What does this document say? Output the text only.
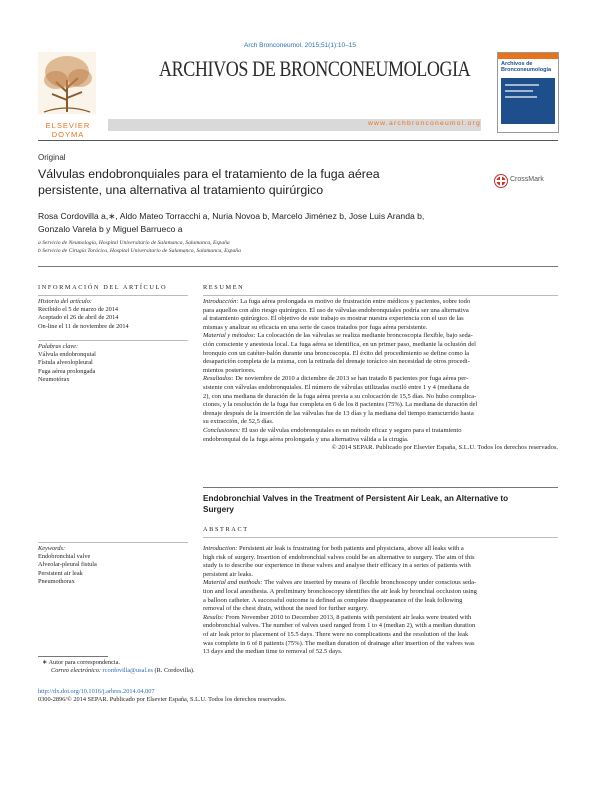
Arch Bronconeumol. 2015;51(1):10–15
ELSEVIER DOYMA
ARCHIVOS DE BRONCONEUMOLOGIA
www.archbronconeumol.org
Archivos de Bronconeumología
Original
Válvulas endobronquiales para el tratamiento de la fuga aérea
persistente, una alternativa al tratamiento quirúrgico
CrossMark
Rosa Cordovilla a,∗, Aldo Mateo Torracchi a, Nuria Novoa b, Marcelo Jiménez b, Jose Luis Aranda b,
Gonzalo Varela b y Miguel Barrueco a
a Servicio de Neumología, Hospital Universitario de Salamanca, Salamanca, España
b Servicio de Cirugía Torácica, Hospital Universitario de Salamanca, Salamanca, España
INFORMACIÓN DEL ARTÍCULO
Historia del artículo:
Recibido el 5 de marzo de 2014
Aceptado el 26 de abril de 2014
On-line el 11 de noviembre de 2014
Palabras clave:
Válvula endobronquial
Fístula alveolopleural
Fuga aérea prolongada
Neumotórax
RESUMEN
Introducción: La fuga aérea prolongada es motivo de frustración entre médicos y pacientes, sobre todo
para aquellos con alto riesgo quirúrgico. El uso de válvulas endobronquiales podría ser una alternativa
al tratamiento quirúrgico. El objetivo de este trabajo es mostrar nuestra experiencia con el uso de las
mismas y analizar su eficacia en una serie de casos tratados por fuga aérea persistente.
Material y métodos: La colocación de las válvulas se realiza mediante broncoscopia flexible, bajo seda-
ción consciente y anestesia local. La fuga aérea se identifica, en un primer paso, mediante la oclusión del
bronquio con un catéter-balón durante una broncoscopia. El éxito del procedimiento se define como la
desaparición completa de la misma, con la retirada del drenaje torácico sin necesidad de otros procedi-
mientos posteriores.
Resultados: De noviembre de 2010 a diciembre de 2013 se han tratado 8 pacientes por fuga aérea per-
sistente con válvulas endobronquiales. El número de válvulas utilizadas osciló entre 1 y 4 (mediana de
2), con una mediana de duración de la fuga aérea previa a su colocación de 15,5 días. No hubo complica-
ciones, y la resolución de la fuga fue completa en 6 de los 8 pacientes (75%). La mediana de duración del
drenaje después de la inserción de las válvulas fue de 13 días y la mediana del tiempo transcurrido hasta
su extracción, de 52,5 días.
Conclusiones: El uso de válvulas endobronquiales es un método eficaz y seguro para el tratamiento
endobronquial de la fuga aérea prolongada y una alternativa válida a la cirugía.
© 2014 SEPAR. Publicado por Elsevier España, S.L.U. Todos los derechos reservados.
Endobronchial Valves in the Treatment of Persistent Air Leak, an Alternative to
Surgery
ABSTRACT
Keywords:
Endobronchial valve
Alveolar-pleural fistula
Persistent air leak
Pneumothorax
Introduction: Persistent air leak is frustrating for both patients and physicians, above all leaks with a
high risk of surgery. Insertion of endobronchial valves could be an alternative to surgery. The aim of this
study is to describe our experience in these valves and analyse their efficacy in a series of patients with
persistent air leaks.
Material and methods: The valves are inserted by means of flexible bronchoscopy under conscious seda-
tion and local anesthesia. A preliminary bronchoscopy identifies the air leak by bronchial occlusion using
a balloon catheter. A successful outcome is defined as complete disappearance of the leak following
removal of the chest drain, without the need for further surgery.
Results: From November 2010 to December 2013, 8 patients with persistent air leaks were treated with
endobronchial valves. The number of valves used ranged from 1 to 4 (median 2), with a median duration
of air leak prior to placement of 15.5 days. There were no complications and the resolution of the leak
was complete in 6 of 8 patients (75%). The median duration of drainage after insertion of the valves was
13 days and the median time to removal of 52.5 days.
∗ Autor para correspondencia.
Correo electrónico: rcordovilla@usal.es (R. Cordovilla).
http://dx.doi.org/10.1016/j.arbres.2014.04.007
0300-2896/© 2014 SEPAR. Publicado por Elsevier España, S.L.U. Todos los derechos reservados.
